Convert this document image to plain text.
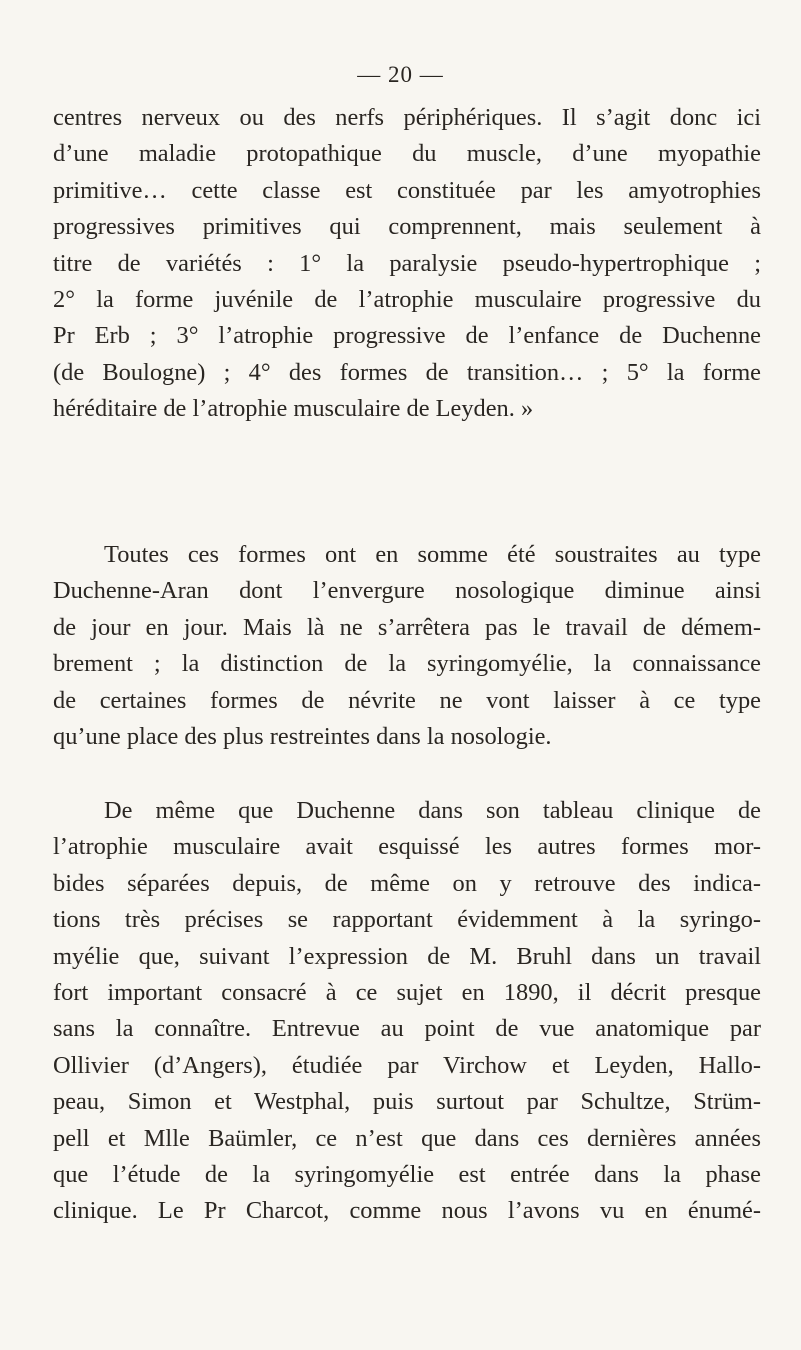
— 20 —
centres nerveux ou des nerfs périphériques. Il s’agit donc ici
d’une maladie protopathique du muscle, d’une myopathie
primitive… cette classe est constituée par les amyotrophies
progressives primitives qui comprennent, mais seulement à
titre de variétés : 1° la paralysie pseudo-hypertrophique ;
2° la forme juvénile de l’atrophie musculaire progressive du
Pr Erb ; 3° l’atrophie progressive de l’enfance de Duchenne
(de Boulogne) ; 4° des formes de transition… ; 5° la forme
héréditaire de l’atrophie musculaire de Leyden. »
Toutes ces formes ont en somme été soustraites au type
Duchenne-Aran dont l’envergure nosologique diminue ainsi
de jour en jour. Mais là ne s’arrêtera pas le travail de démem-
brement ; la distinction de la syringomyélie, la connaissance
de certaines formes de névrite ne vont laisser à ce type
qu’une place des plus restreintes dans la nosologie.
De même que Duchenne dans son tableau clinique de
l’atrophie musculaire avait esquissé les autres formes mor-
bides séparées depuis, de même on y retrouve des indica-
tions très précises se rapportant évidemment à la syringo-
myélie que, suivant l’expression de M. Bruhl dans un travail
fort important consacré à ce sujet en 1890, il décrit presque
sans la connaître. Entrevue au point de vue anatomique par
Ollivier (d’Angers), étudiée par Virchow et Leyden, Hallo-
peau, Simon et Westphal, puis surtout par Schultze, Strüm-
pell et Mlle Baümler, ce n’est que dans ces dernières années
que l’étude de la syringomyélie est entrée dans la phase
clinique. Le Pr Charcot, comme nous l’avons vu en énumé-
